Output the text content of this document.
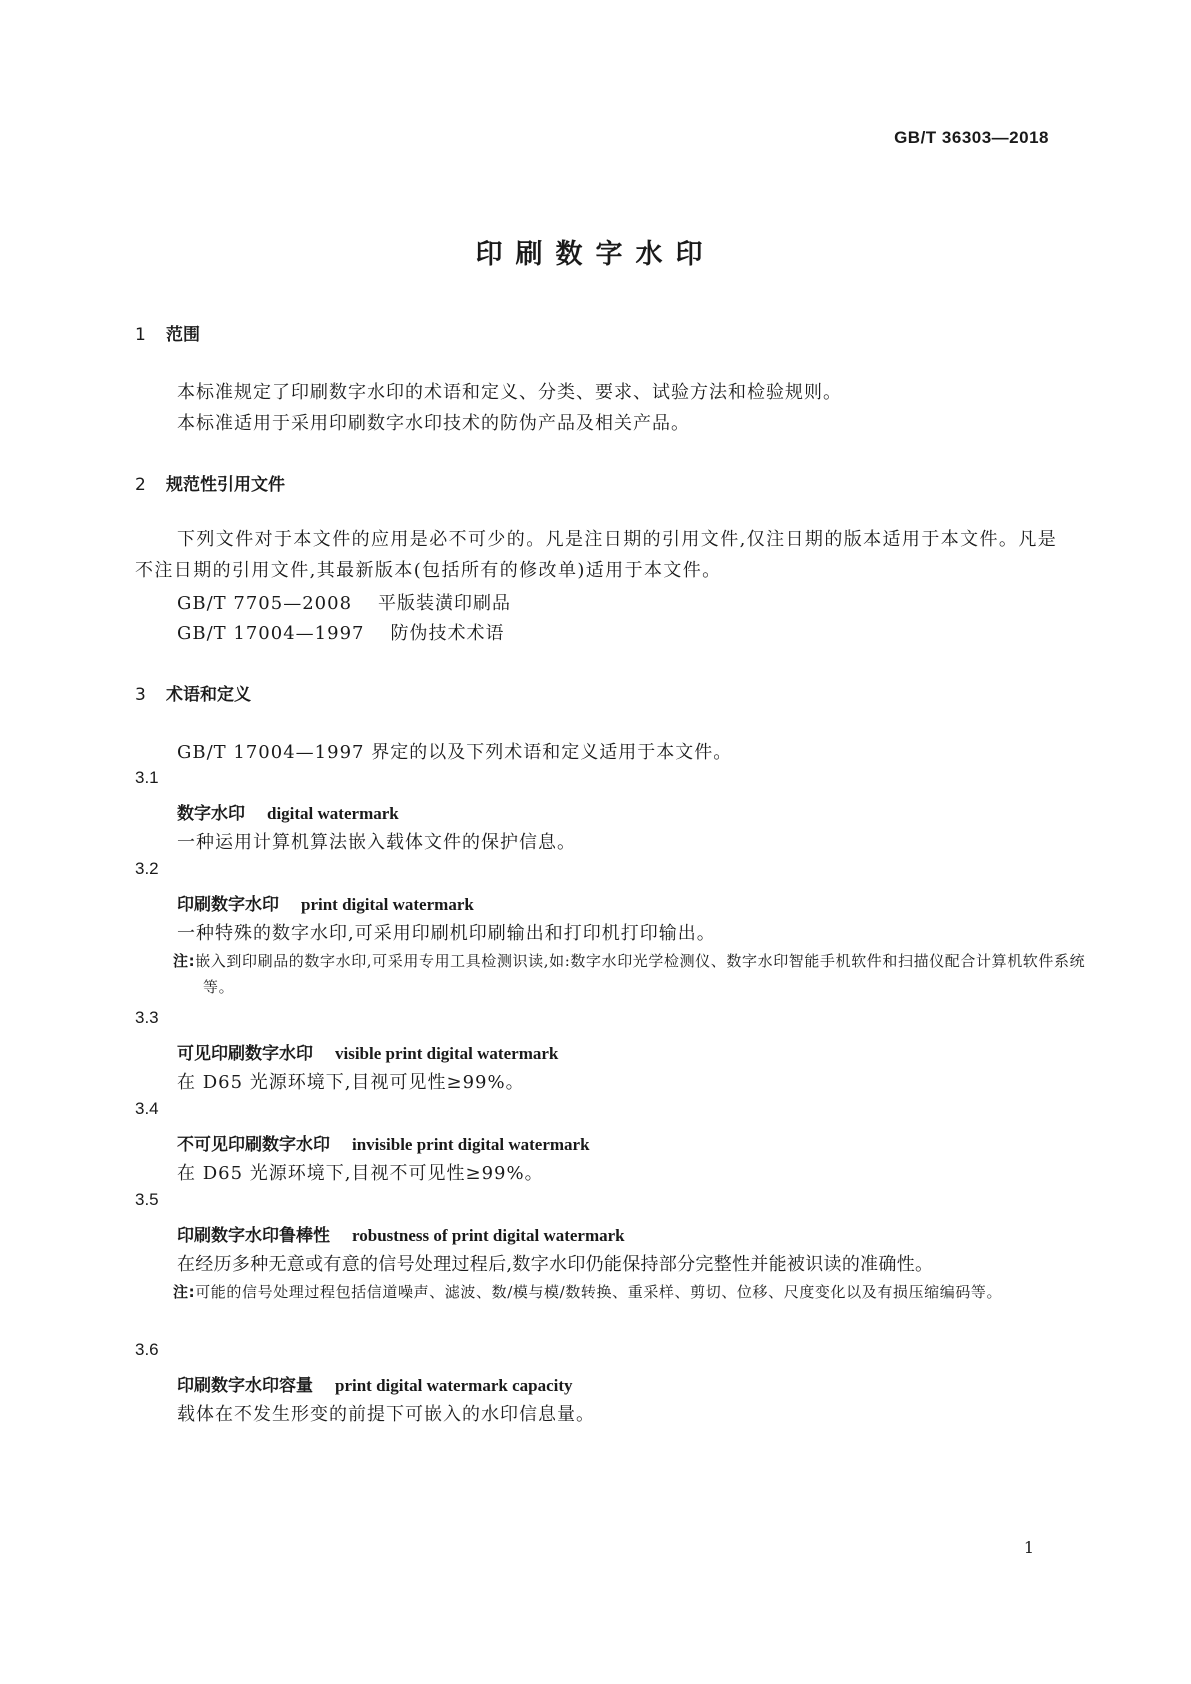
GB/T 36303—2018
印刷数字水印
1 范围
本标准规定了印刷数字水印的术语和定义、分类、要求、试验方法和检验规则。
本标准适用于采用印刷数字水印技术的防伪产品及相关产品。
2 规范性引用文件
下列文件对于本文件的应用是必不可少的。凡是注日期的引用文件,仅注日期的版本适用于本文件。凡是不注日期的引用文件,其最新版本(包括所有的修改单)适用于本文件。
GB/T 7705—2008 平版装潢印刷品
GB/T 17004—1997 防伪技术术语
3 术语和定义
GB/T 17004—1997 界定的以及下列术语和定义适用于本文件。
3.1
数字水印 digital watermark
一种运用计算机算法嵌入载体文件的保护信息。
3.2
印刷数字水印 print digital watermark
一种特殊的数字水印,可采用印刷机印刷输出和打印机打印输出。
注:嵌入到印刷品的数字水印,可采用专用工具检测识读,如:数字水印光学检测仪、数字水印智能手机软件和扫描仪配合计算机软件系统等。
3.3
可见印刷数字水印 visible print digital watermark
在 D65 光源环境下,目视可见性≥99%。
3.4
不可见印刷数字水印 invisible print digital watermark
在 D65 光源环境下,目视不可见性≥99%。
3.5
印刷数字水印鲁棒性 robustness of print digital watermark
在经历多种无意或有意的信号处理过程后,数字水印仍能保持部分完整性并能被识读的准确性。
注:可能的信号处理过程包括信道噪声、滤波、数/模与模/数转换、重采样、剪切、位移、尺度变化以及有损压缩编码等。
3.6
印刷数字水印容量 print digital watermark capacity
载体在不发生形变的前提下可嵌入的水印信息量。
1
